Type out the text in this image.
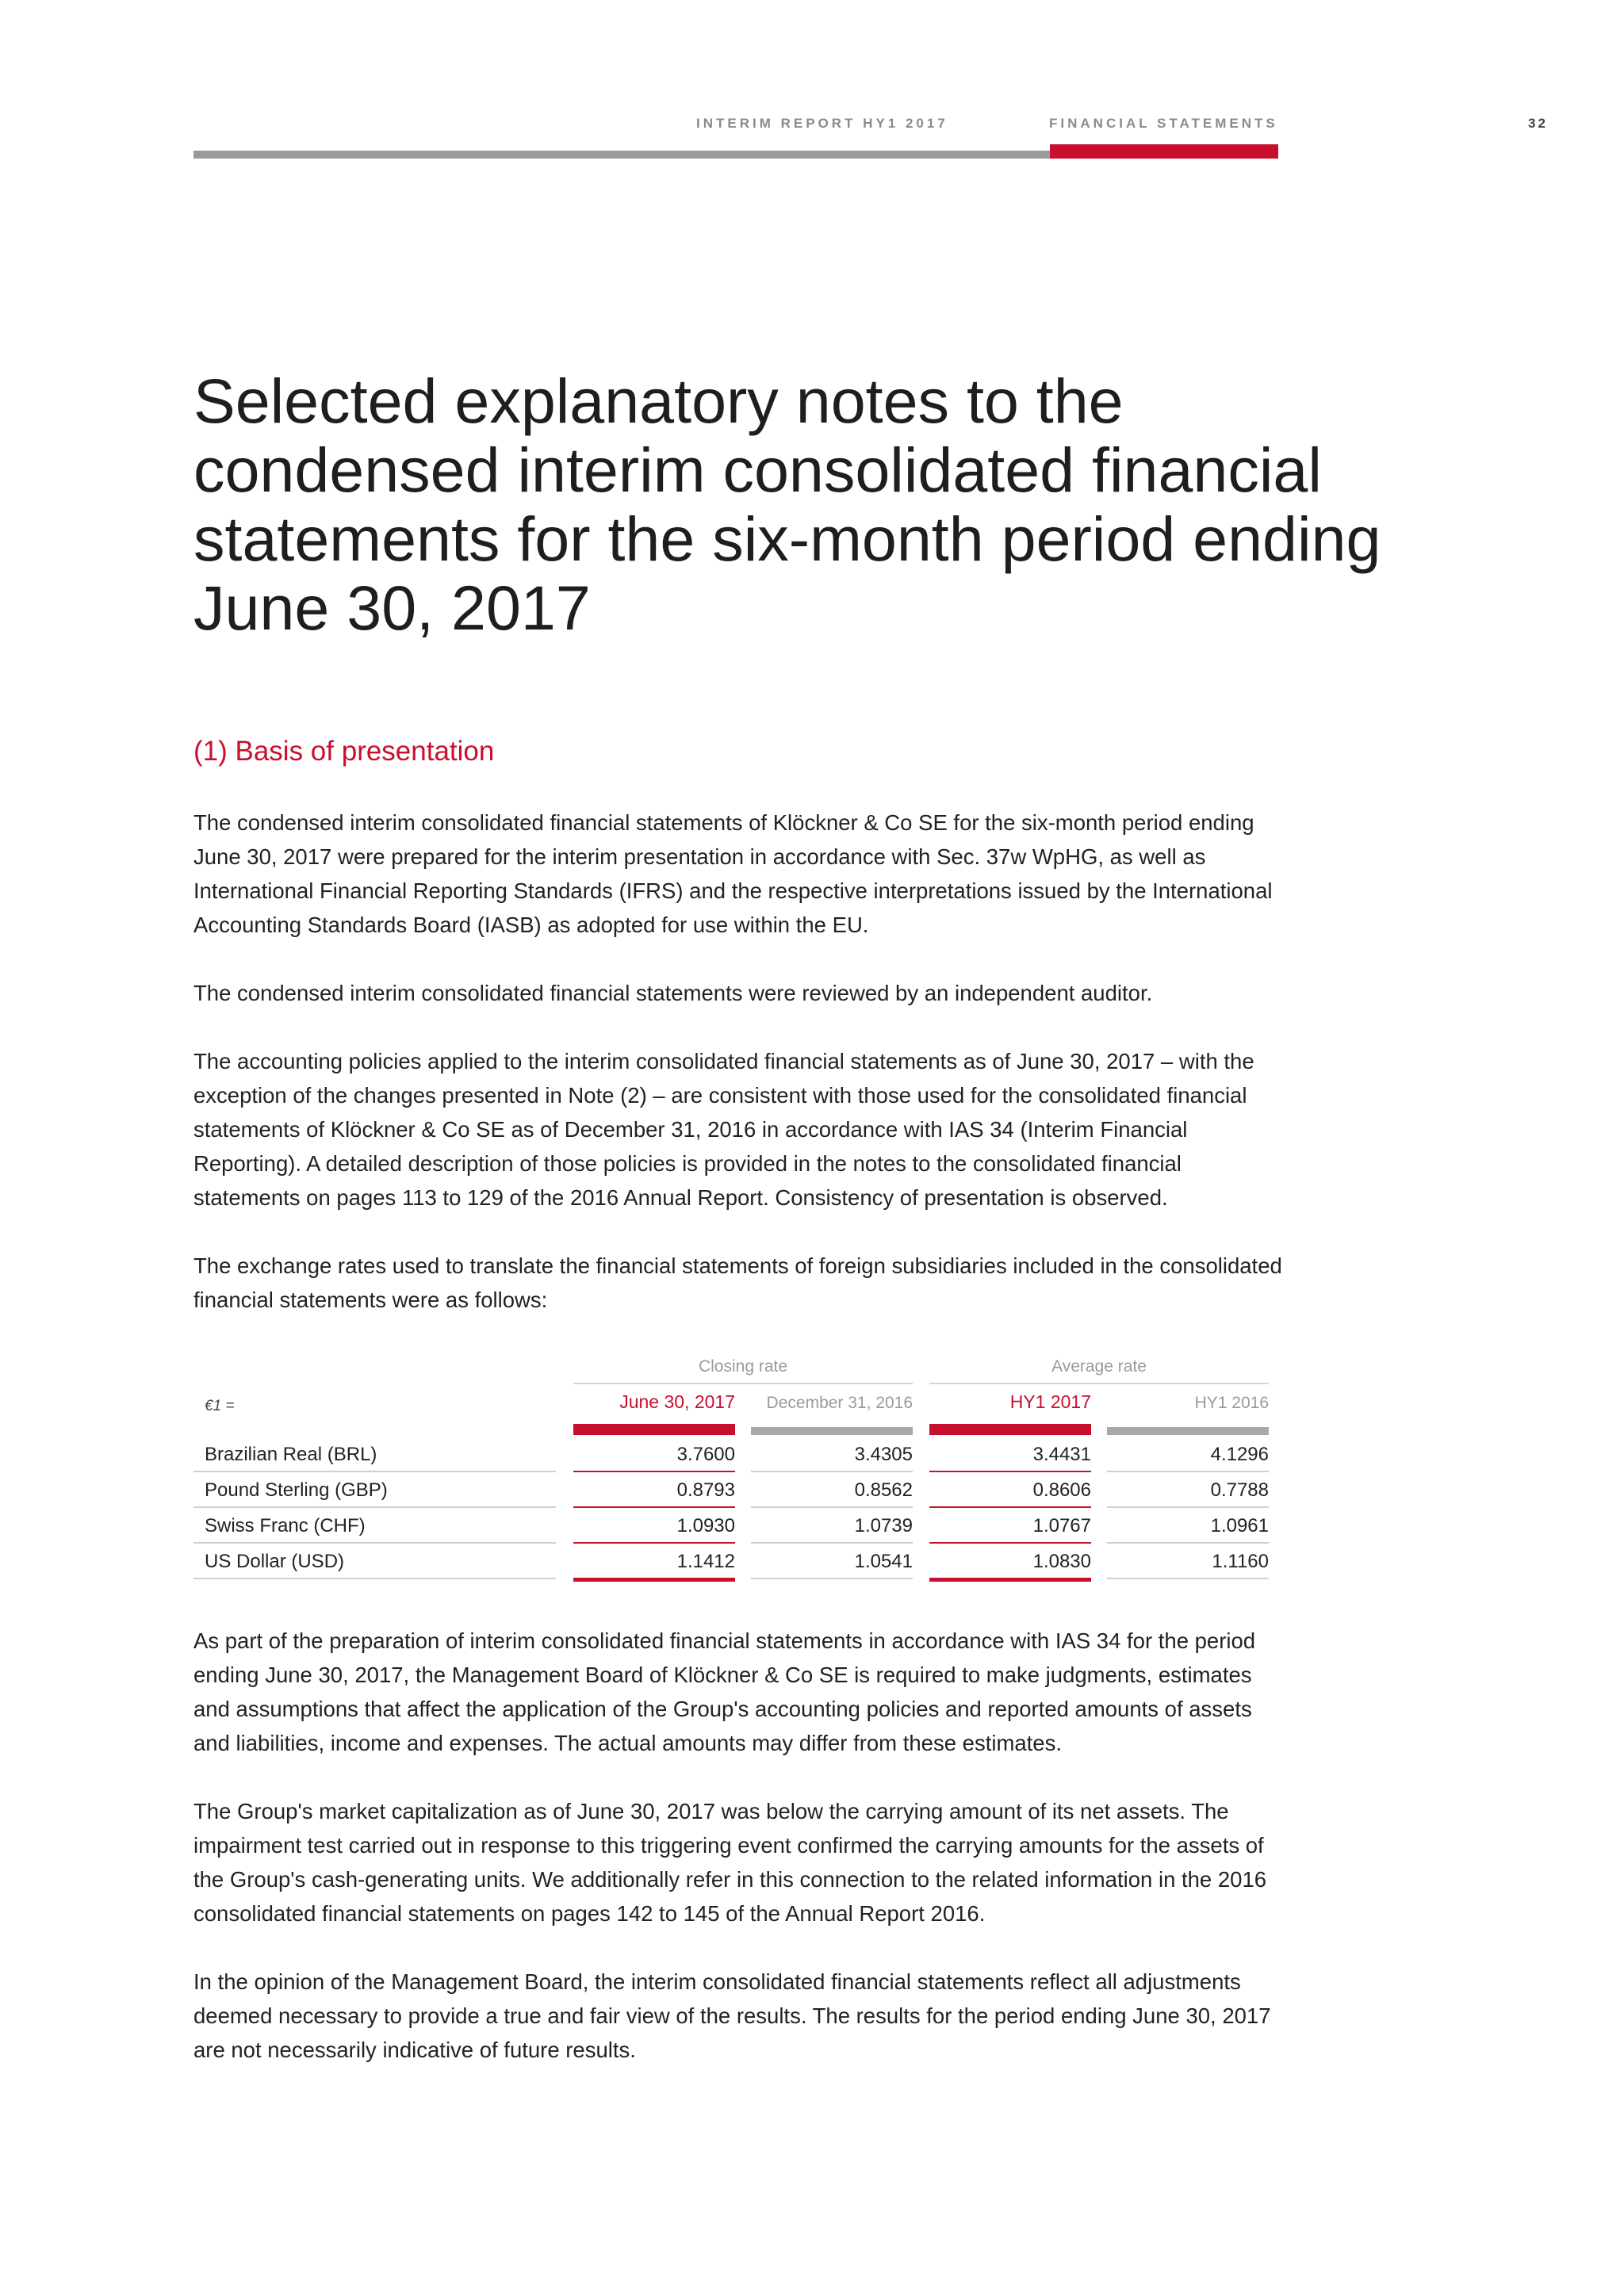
INTERIM REPORT HY1 2017	FINANCIAL STATEMENTS	32
Selected explanatory notes to the condensed interim consolidated financial statements for the six-month period ending June 30, 2017
(1) Basis of presentation

The condensed interim consolidated financial statements of Klöckner & Co SE for the six-month period ending June 30, 2017 were prepared for the interim presentation in accordance with Sec. 37w WpHG, as well as International Financial Reporting Standards (IFRS) and the respective interpretations issued by the International Accounting Standards Board (IASB) as adopted for use within the EU.

The condensed interim consolidated financial statements were reviewed by an independent auditor.

The accounting policies applied to the interim consolidated financial statements as of June 30, 2017 – with the exception of the changes presented in Note (2) – are consistent with those used for the consolidated financial statements of Klöckner & Co SE as of December 31, 2016 in accordance with IAS 34 (Interim Financial Reporting). A detailed description of those policies is provided in the notes to the consolidated financial statements on pages 113 to 129 of the 2016 Annual Report. Consistency of presentation is observed.

The exchange rates used to translate the financial statements of foreign subsidiaries included in the consolidated financial statements were as follows:

Closing rate	Average rate
€1 =	June 30, 2017	December 31, 2016	HY1 2017	HY1 2016
Brazilian Real (BRL)	3.7600	3.4305	3.4431	4.1296
Pound Sterling (GBP)	0.8793	0.8562	0.8606	0.7788
Swiss Franc (CHF)	1.0930	1.0739	1.0767	1.0961
US Dollar (USD)	1.1412	1.0541	1.0830	1.1160

As part of the preparation of interim consolidated financial statements in accordance with IAS 34 for the period ending June 30, 2017, the Management Board of Klöckner & Co SE is required to make judgments, estimates and assumptions that affect the application of the Group's accounting policies and reported amounts of assets and liabilities, income and expenses. The actual amounts may differ from these estimates.

The Group's market capitalization as of June 30, 2017 was below the carrying amount of its net assets. The impairment test carried out in response to this triggering event confirmed the carrying amounts for the assets of the Group's cash-generating units. We additionally refer in this connection to the related information in the 2016 consolidated financial statements on pages 142 to 145 of the Annual Report 2016.

In the opinion of the Management Board, the interim consolidated financial statements reflect all adjustments deemed necessary to provide a true and fair view of the results. The results for the period ending June 30, 2017 are not necessarily indicative of future results.
